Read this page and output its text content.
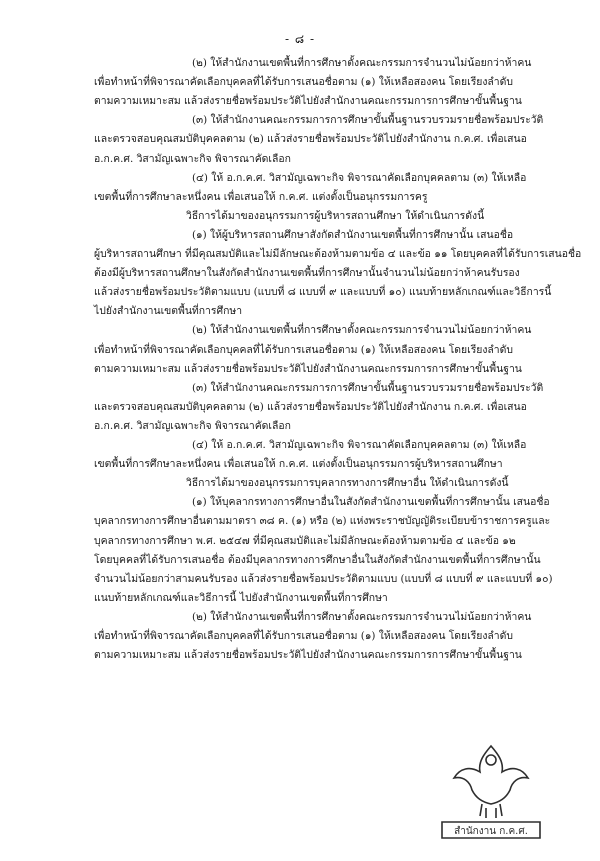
- ๘ -
(๒) ให้สำนักงานเขตพื้นที่การศึกษาตั้งคณะกรรมการจำนวนไม่น้อยกว่าห้าคน
เพื่อทำหน้าที่พิจารณาคัดเลือกบุคคลที่ได้รับการเสนอชื่อตาม (๑) ให้เหลือสองคน โดยเรียงลำดับ
ตามความเหมาะสม แล้วส่งรายชื่อพร้อมประวัติไปยังสำนักงานคณะกรรมการการศึกษาขั้นพื้นฐาน
(๓) ให้สำนักงานคณะกรรมการการศึกษาขั้นพื้นฐานรวบรวมรายชื่อพร้อมประวัติ
และตรวจสอบคุณสมบัติบุคคลตาม (๒) แล้วส่งรายชื่อพร้อมประวัติไปยังสำนักงาน ก.ค.ศ. เพื่อเสนอ
อ.ก.ค.ศ. วิสามัญเฉพาะกิจ พิจารณาคัดเลือก
(๔) ให้ อ.ก.ค.ศ. วิสามัญเฉพาะกิจ พิจารณาคัดเลือกบุคคลตาม (๓) ให้เหลือ
เขตพื้นที่การศึกษาละหนึ่งคน เพื่อเสนอให้ ก.ค.ศ. แต่งตั้งเป็นอนุกรรมการครู
วิธีการได้มาของอนุกรรมการผู้บริหารสถานศึกษา ให้ดำเนินการดังนี้
(๑) ให้ผู้บริหารสถานศึกษาสังกัดสำนักงานเขตพื้นที่การศึกษานั้น เสนอชื่อ
ผู้บริหารสถานศึกษา ที่มีคุณสมบัติและไม่มีลักษณะต้องห้ามตามข้อ ๔ และข้อ ๑๑ โดยบุคคลที่ได้รับการเสนอชื่อ
ต้องมีผู้บริหารสถานศึกษาในสังกัดสำนักงานเขตพื้นที่การศึกษานั้นจำนวนไม่น้อยกว่าห้าคนรับรอง
แล้วส่งรายชื่อพร้อมประวัติตามแบบ (แบบที่ ๘ แบบที่ ๙ และแบบที่ ๑๐) แนบท้ายหลักเกณฑ์และวิธีการนี้
ไปยังสำนักงานเขตพื้นที่การศึกษา
(๒) ให้สำนักงานเขตพื้นที่การศึกษาตั้งคณะกรรมการจำนวนไม่น้อยกว่าห้าคน
เพื่อทำหน้าที่พิจารณาคัดเลือกบุคคลที่ได้รับการเสนอชื่อตาม (๑) ให้เหลือสองคน โดยเรียงลำดับ
ตามความเหมาะสม แล้วส่งรายชื่อพร้อมประวัติไปยังสำนักงานคณะกรรมการการศึกษาขั้นพื้นฐาน
(๓) ให้สำนักงานคณะกรรมการการศึกษาขั้นพื้นฐานรวบรวมรายชื่อพร้อมประวัติ
และตรวจสอบคุณสมบัติบุคคลตาม (๒) แล้วส่งรายชื่อพร้อมประวัติไปยังสำนักงาน ก.ค.ศ. เพื่อเสนอ
อ.ก.ค.ศ. วิสามัญเฉพาะกิจ พิจารณาคัดเลือก
(๔) ให้ อ.ก.ค.ศ. วิสามัญเฉพาะกิจ พิจารณาคัดเลือกบุคคลตาม (๓) ให้เหลือ
เขตพื้นที่การศึกษาละหนึ่งคน เพื่อเสนอให้ ก.ค.ศ. แต่งตั้งเป็นอนุกรรมการผู้บริหารสถานศึกษา
วิธีการได้มาของอนุกรรมการบุคลากรทางการศึกษาอื่น ให้ดำเนินการดังนี้
(๑) ให้บุคลากรทางการศึกษาอื่นในสังกัดสำนักงานเขตพื้นที่การศึกษานั้น เสนอชื่อ
บุคลากรทางการศึกษาอื่นตามมาตรา ๓๘ ค. (๑) หรือ (๒) แห่งพระราชบัญญัติระเบียบข้าราชการครูและ
บุคลากรทางการศึกษา พ.ศ. ๒๕๔๗ ที่มีคุณสมบัติและไม่มีลักษณะต้องห้ามตามข้อ ๔ และข้อ ๑๒
โดยบุคคลที่ได้รับการเสนอชื่อ ต้องมีบุคลากรทางการศึกษาอื่นในสังกัดสำนักงานเขตพื้นที่การศึกษานั้น
จำนวนไม่น้อยกว่าสามคนรับรอง แล้วส่งรายชื่อพร้อมประวัติตามแบบ (แบบที่ ๘ แบบที่ ๙ และแบบที่ ๑๐)
แนบท้ายหลักเกณฑ์และวิธีการนี้ ไปยังสำนักงานเขตพื้นที่การศึกษา
(๒) ให้สำนักงานเขตพื้นที่การศึกษาตั้งคณะกรรมการจำนวนไม่น้อยกว่าห้าคน
เพื่อทำหน้าที่พิจารณาคัดเลือกบุคคลที่ได้รับการเสนอชื่อตาม (๑) ให้เหลือสองคน โดยเรียงลำดับ
ตามความเหมาะสม แล้วส่งรายชื่อพร้อมประวัติไปยังสำนักงานคณะกรรมการการศึกษาขั้นพื้นฐาน
สำนักงาน ก.ค.ศ.
